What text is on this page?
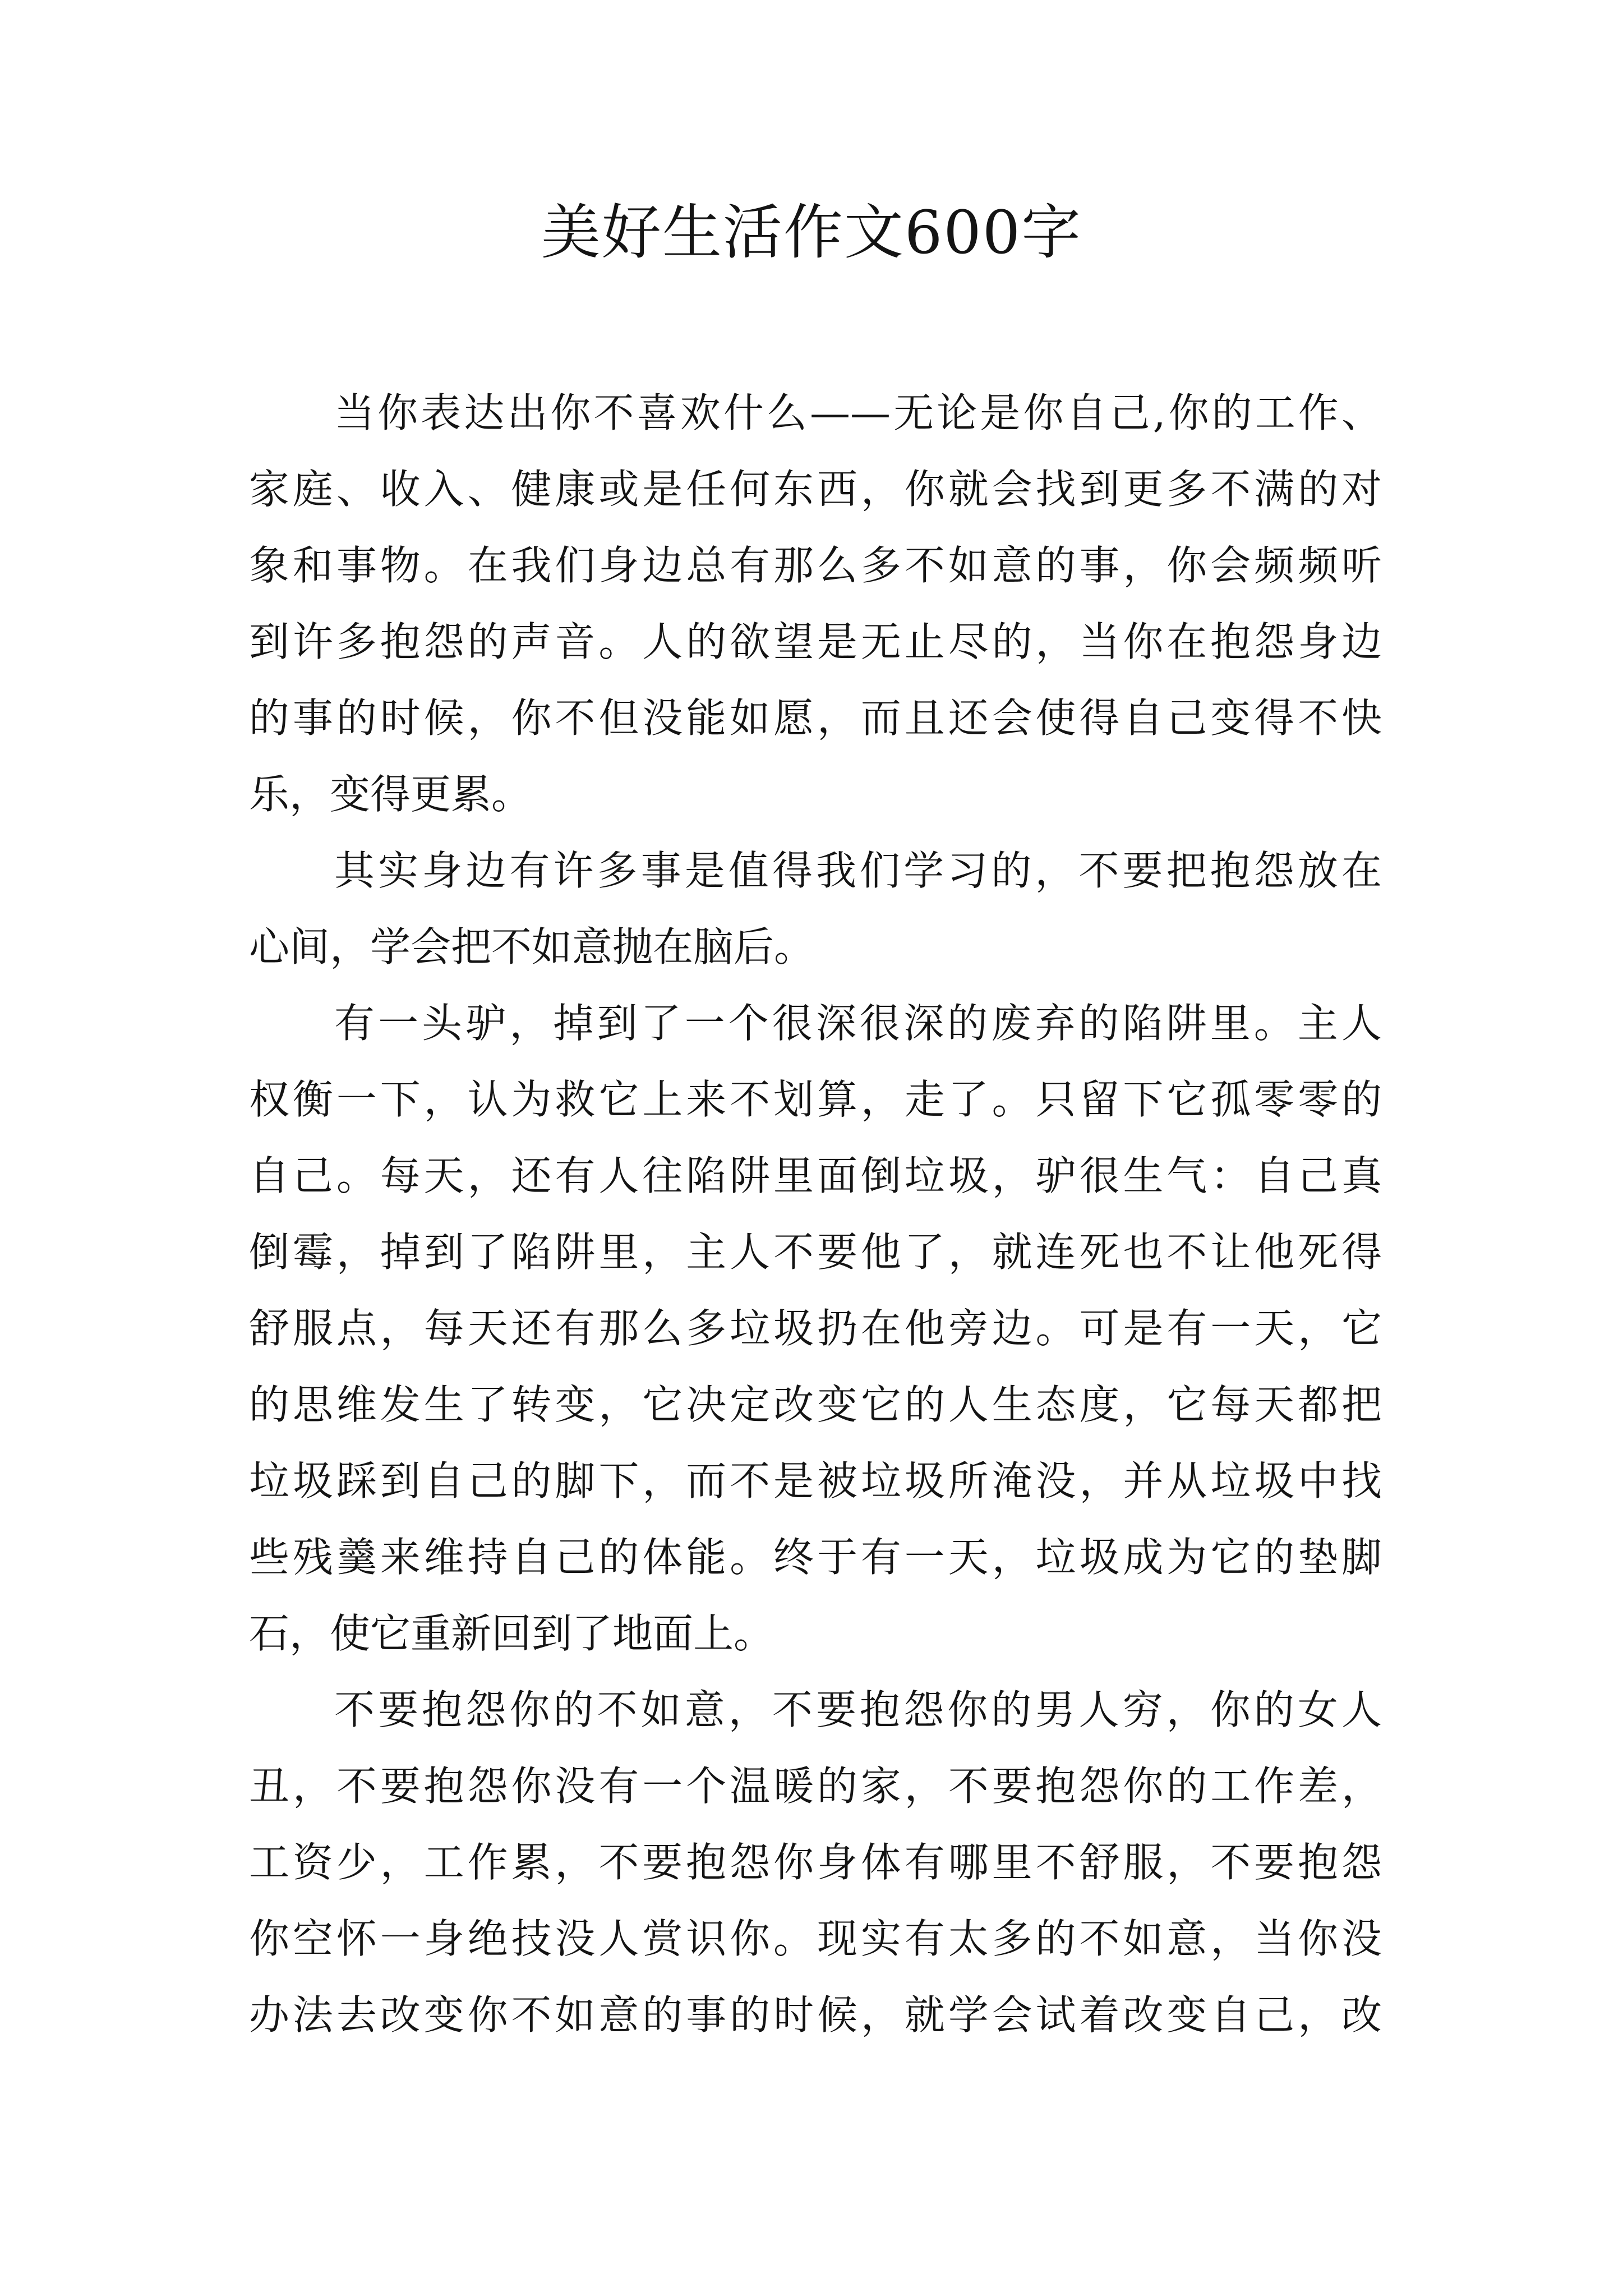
美好生活作文600字

当你表达出你不喜欢什么——无论是你自己,你的工作、

家庭、收入、健康或是任何东西，你就会找到更多不满的对

象和事物。在我们身边总有那么多不如意的事，你会频频听

到许多抱怨的声音。人的欲望是无止尽的，当你在抱怨身边

的事的时候，你不但没能如愿，而且还会使得自己变得不快

乐，变得更累。

其实身边有许多事是值得我们学习的，不要把抱怨放在

心间，学会把不如意抛在脑后。

有一头驴，掉到了一个很深很深的废弃的陷阱里。主人

权衡一下，认为救它上来不划算，走了。只留下它孤零零的

自己。每天，还有人往陷阱里面倒垃圾，驴很生气：自己真

倒霉，掉到了陷阱里，主人不要他了，就连死也不让他死得

舒服点，每天还有那么多垃圾扔在他旁边。可是有一天，它

的思维发生了转变，它决定改变它的人生态度，它每天都把

垃圾踩到自己的脚下，而不是被垃圾所淹没，并从垃圾中找

些残羹来维持自己的体能。终于有一天，垃圾成为它的垫脚

石，使它重新回到了地面上。

不要抱怨你的不如意，不要抱怨你的男人穷，你的女人

丑，不要抱怨你没有一个温暖的家，不要抱怨你的工作差，

工资少，工作累，不要抱怨你身体有哪里不舒服，不要抱怨

你空怀一身绝技没人赏识你。现实有太多的不如意，当你没

办法去改变你不如意的事的时候，就学会试着改变自己，改
